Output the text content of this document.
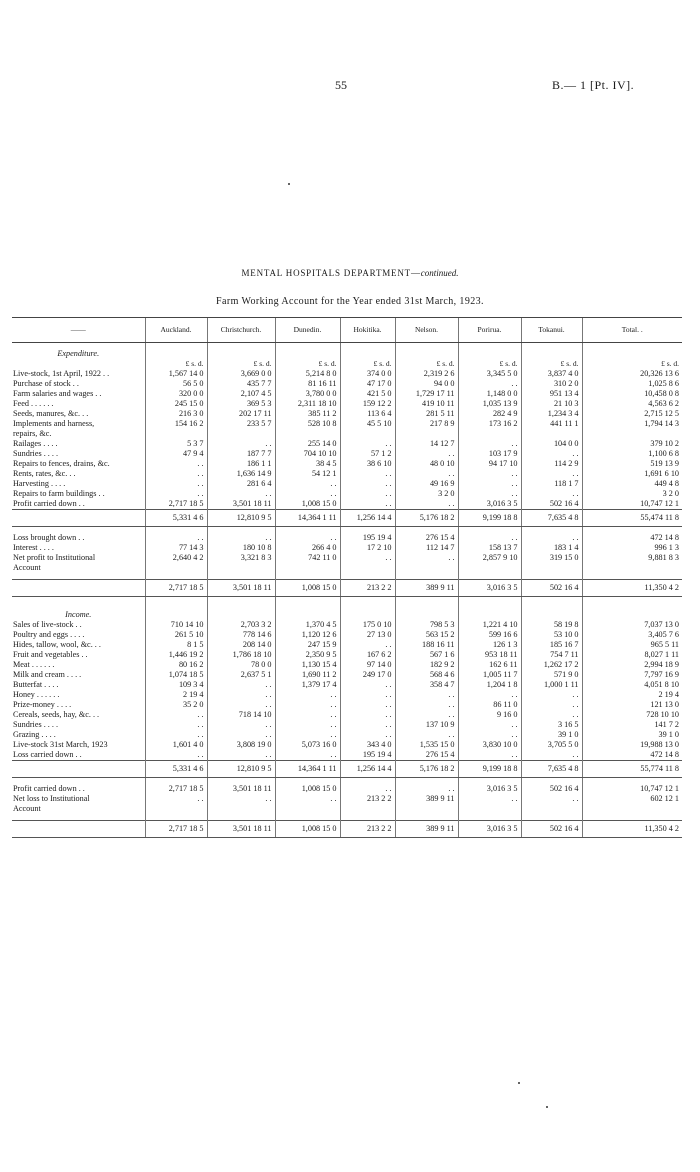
55	B.— 1 [Pt. IV].
MENTAL HOSPITALS DEPARTMENT—continued.
Farm Working Account for the Year ended 31st March, 1923.
——	Auckland.	Christchurch.	Dunedin.	Hokitika.	Nelson.	Porirua.	Tokanui.	Total. .
Expenditure.								
	£ s. d.	£ s. d.	£ s. d.	£ s. d.	£ s. d.	£ s. d.	£ s. d.	£ s. d.
Live-stock, 1st April, 1922 . .	1,567 14 0	3,669 0 0	5,214 8 0	374 0 0	2,319 2 6	3,345 5 0	3,837 4 0	20,326 13 6
Purchase of stock . .	56 5 0	435 7 7	81 16 11	47 17 0	94 0 0	. .	310 2 0	1,025 8 6
Farm salaries and wages . .	320 0 0	2,107 4 5	3,780 0 0	421 5 0	1,729 17 11	1,148 0 0	951 13 4	10,458 0 8
Feed . . . . . .	245 15 0	369 5 3	2,311 18 10	159 12 2	419 10 11	1,035 13 9	21 10 3	4,563 6 2
Seeds, manures, &c. . .	216 3 0	202 17 11	385 11 2	113 6 4	281 5 11	282 4 9	1,234 3 4	2,715 12 5
Implements and harness,	154 16 2	233 5 7	528 10 8	45 5 10	217 8 9	173 16 2	441 11 1	1,794 14 3
repairs, &c.								
Railages . . . .	5 3 7	. .	255 14 0	. .	14 12 7	. .	104 0 0	379 10 2
Sundries . . . .	47 9 4	187 7 7	704 10 10	57 1 2	. .	103 17 9	. .	1,100 6 8
Repairs to fences, drains, &c.	. .	186 1 1	38 4 5	38 6 10	48 0 10	94 17 10	114 2 9	519 13 9
Rents, rates, &c. . .	. .	1,636 14 9	54 12 1	. .	. .	. .	. .	1,691 6 10
Harvesting . . . .	. .	281 6 4	. .	. .	49 16 9	. .	118 1 7	449 4 8
Repairs to farm buildings . .	. .	. .	. .	. .	3 2 0	. .	. .	3 2 0
Profit carried down . .	2,717 18 5	3,501 18 11	1,008 15 0	. .	. .	3,016 3 5	502 16 4	10,747 12 1
	5,331 4 6	12,810 9 5	14,364 1 11	1,256 14 4	5,176 18 2	9,199 18 8	7,635 4 8	55,474 11 8

Loss brought down . .	. .	. .	. .	195 19 4	276 15 4	. .	. .	472 14 8
Interest . . . .	77 14 3	180 10 8	266 4 0	17 2 10	112 14 7	158 13 7	183 1 4	996 1 3
Net profit to Institutional	2,640 4 2	3,321 8 3	742 11 0	. .	. .	2,857 9 10	319 15 0	9,881 8 3
Account								

	2,717 18 5	3,501 18 11	1,008 15 0	213 2 2	389 9 11	3,016 3 5	502 16 4	11,350 4 2

Income.								
Sales of live-stock . .	710 14 10	2,703 3 2	1,370 4 5	175 0 10	798 5 3	1,221 4 10	58 19 8	7,037 13 0
Poultry and eggs . . . .	261 5 10	778 14 6	1,120 12 6	27 13 0	563 15 2	599 16 6	53 10 0	3,405 7 6
Hides, tallow, wool, &c. . .	8 1 5	208 14 0	247 15 9	. .	188 16 11	126 1 3	185 16 7	965 5 11
Fruit and vegetables . .	1,446 19 2	1,786 18 10	2,350 9 5	167 6 2	567 1 6	953 18 11	754 7 11	8,027 1 11
Meat . . . . . .	80 16 2	78 0 0	1,130 15 4	97 14 0	182 9 2	162 6 11	1,262 17 2	2,994 18 9
Milk and cream . . . .	1,074 18 5	2,637 5 1	1,690 11 2	249 17 0	568 4 6	1,005 11 7	571 9 0	7,797 16 9
Butterfat . . . .	109 3 4	. .	1,379 17 4	. .	358 4 7	1,204 1 8	1,000 1 11	4,051 8 10
Honey . . . . . .	2 19 4	. .	. .	. .	. .	. .	. .	2 19 4
Prize-money . . . .	35 2 0	. .	. .	. .	. .	86 11 0	. .	121 13 0
Cereals, seeds, hay, &c. . .	. .	718 14 10	. .	. .	. .	9 16 0	. .	728 10 10
Sundries . . . .	. .	. .	. .	. .	137 10 9	. .	3 16 5	141 7 2
Grazing . . . .	. .	. .	. .	. .	. .	. .	39 1 0	39 1 0
Live-stock 31st March, 1923	1,601 4 0	3,808 19 0	5,073 16 0	343 4 0	1,535 15 0	3,830 10 0	3,705 5 0	19,988 13 0
Loss carried down . .	. .	. .	. .	195 19 4	276 15 4	. .	. .	472 14 8
	5,331 4 6	12,810 9 5	14,364 1 11	1,256 14 4	5,176 18 2	9,199 18 8	7,635 4 8	55,774 11 8

Profit carried down . .	2,717 18 5	3,501 18 11	1,008 15 0	. .	. .	3,016 3 5	502 16 4	10,747 12 1
Net loss to Institutional	. .	. .	. .	213 2 2	389 9 11	. .	. .	602 12 1
Account								

	2,717 18 5	3,501 18 11	1,008 15 0	213 2 2	389 9 11	3,016 3 5	502 16 4	11,350 4 2
